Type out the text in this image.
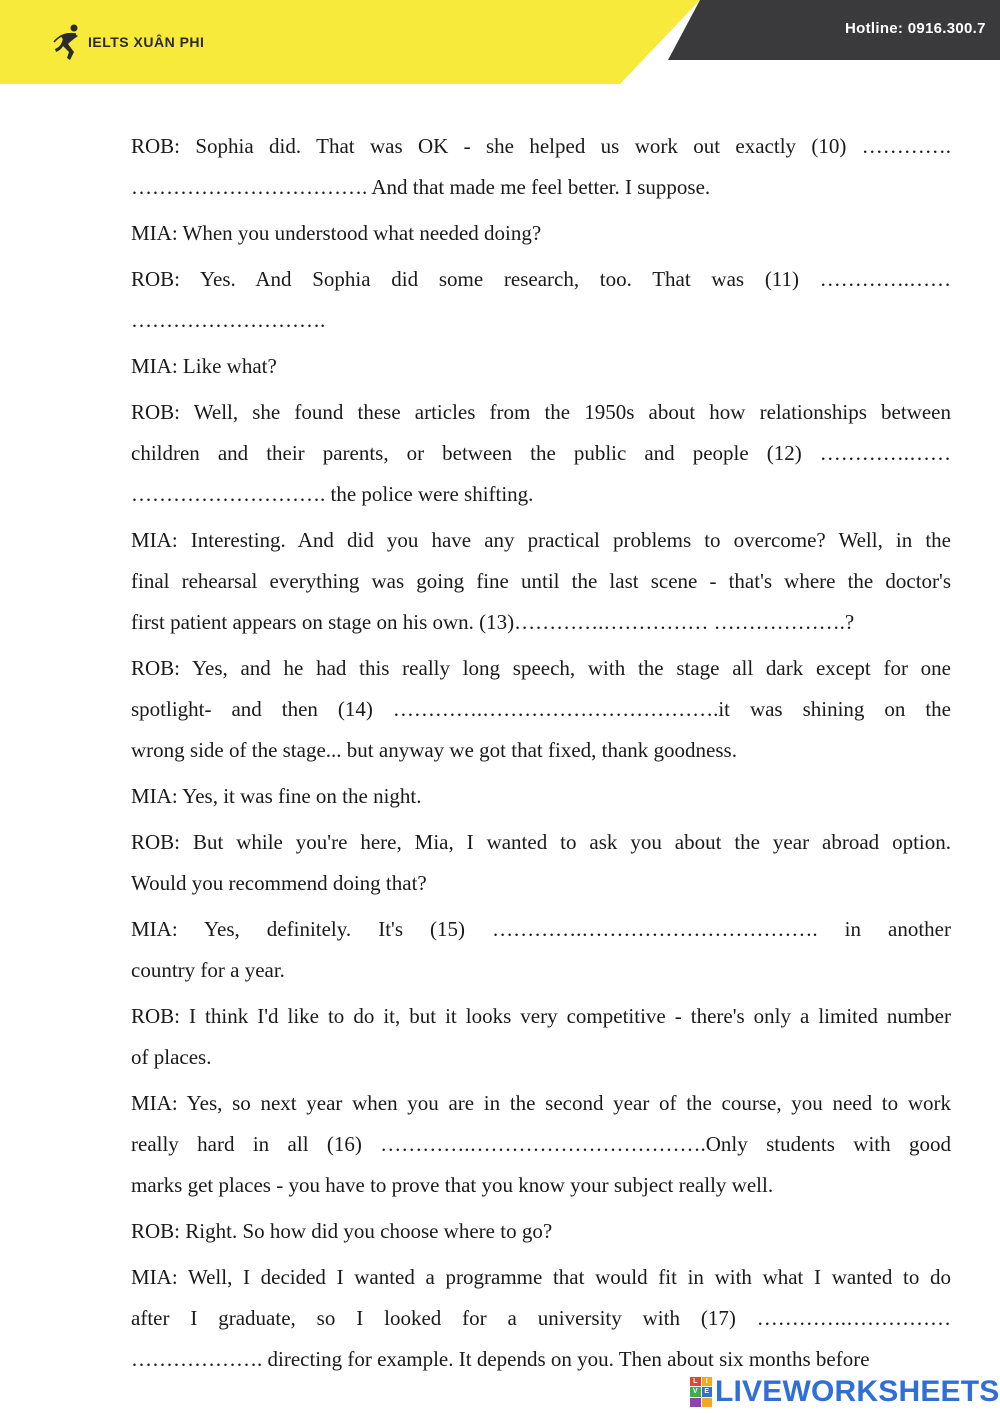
IELTS XUÂN PHI
Hotline: 0916.300.7

ROB: Sophia did. That was OK - she helped us work out exactly (10) ………….
……………………………. And that made me feel better. I suppose.

MIA: When you understood what needed doing?

ROB: Yes. And Sophia did some research, too. That was (11) ………….……
……………………….

MIA: Like what?

ROB: Well, she found these articles from the 1950s about how relationships between
children and their parents, or between the public and people (12) ………….……
………………………. the police were shifting.

MIA: Interesting. And did you have any practical problems to overcome? Well, in the
final rehearsal everything was going fine until the last scene - that's where the doctor's
first patient appears on stage on his own. (13)………….…………… ……………….?

ROB: Yes, and he had this really long speech, with the stage all dark except for one
spotlight- and then (14) ………….…………………………….it was shining on the
wrong side of the stage... but anyway we got that fixed, thank goodness.

MIA: Yes, it was fine on the night.

ROB: But while you're here, Mia, I wanted to ask you about the year abroad option.
Would you recommend doing that?

MIA: Yes, definitely. It's (15) ………….……………………………. in another
country for a year.

ROB: I think I'd like to do it, but it looks very competitive - there's only a limited number
of places.

MIA: Yes, so next year when you are in the second year of the course, you need to work
really hard in all (16) ………….…………………………….Only students with good
marks get places - you have to prove that you know your subject really well.

ROB: Right. So how did you choose where to go?

MIA: Well, I decided I wanted a programme that would fit in with what I wanted to do
after I graduate, so I looked for a university with (17) ………….……………
………………. directing for example. It depends on you. Then about six months before

L	I
V E LIVEWORKSHEETS
